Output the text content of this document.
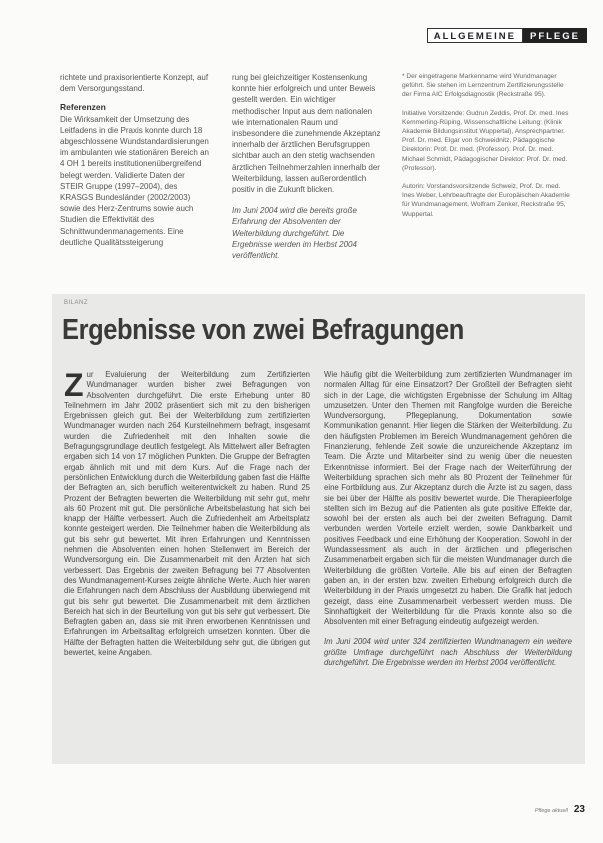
ALLGEMEINE	PFLEGE

richtete und praxisorientierte Konzept, auf dem Versorgungsstand.

Referenzen

Die Wirksamkeit der Umsetzung des Leitfadens in die Praxis konnte durch 18 abgeschlossene Wundstandardisierungen im ambulanten wie stationären Bereich an 4 OH 1 bereits institutionenübergreifend belegt werden. Validierte Daten der STEIR Gruppe (1997–2004), des KRASGS Bundesländer (2002/2003) sowie des Herz-Zentrums sowie auch Studien die Effektivität des Schnittwundenmanagements. Eine deutliche Qualitätssteigerung

rung bei gleichzeitiger Kostensenkung konnte hier erfolgreich und unter Beweis gestellt werden. Ein wichtiger methodischer Input aus dem nationalen wie internationalen Raum und insbesondere die zunehmende Akzeptanz innerhalb der ärztlichen Berufsgruppen sichtbar auch an den stetig wachsenden ärztlichen Teilnehmerzahlen innerhalb der Weiterbildung, lassen außerordentlich positiv in die Zukunft blicken.

Im Juni 2004 wird die bereits große Erfahrung der Absolventen der Weiterbildung durchgeführt. Die Ergebnisse werden im Herbst 2004 veröffentlicht.

* Der eingetragene Markenname wird Wundmanager geführt. Sie stehen im Lernzentrum Zertifizierungsstelle der Firma AIC Erfolgsdiagnostik (Reckstraße 95).

Initiative Vorsitzende: Gudrun Zeddis, Prof. Dr. med. Ines Kemmerling-Rüping, Wissenschaftliche Leitung: (Klinik Akademie Bildungsinstitut Wuppertal), Ansprechpartner. Prof. Dr. med. Elgar von Schweidnitz, Pädagogische Direktorin: Prof. Dr. med. (Professor). Prof. Dr. med. Michael Schmidt, Pädagogischer Direktor: Prof. Dr. med. (Professor).

Autorin: Vorstandsvorsitzende Schweiz, Prof. Dr. med. Ines Weber, Lehrbeauftragte der Europäischen Akademie für Wundmanagement, Wolfram Zenker, Reckstraße 95, Wuppertal.

BILANZ
Ergebnisse von zwei Befragungen
Z ur Evaluierung der Weiterbildung zum Zertifizierten Wundmanager wurden bisher zwei Befragungen von Absolventen durchgeführt. Die erste Erhebung unter 80 Teilnehmern im Jahr 2002 präsentiert sich mit zu den bisherigen Ergebnissen gleich gut. Bei der Weiterbildung zum zertifizierten Wundmanager wurden nach 264 Kursteilnehmern befragt, insgesamt wurden die Zufriedenheit mit den Inhalten sowie die Befragungsgrundlage deutlich festgelegt. Als Mittelwert aller Befragten ergaben sich 14 von 17 möglichen Punkten. Die Gruppe der Befragten ergab ähnlich mit und mit dem Kurs. Auf die Frage nach der persönlichen Entwicklung durch die Weiterbildung gaben fast die Hälfte der Befragten an, sich beruflich weiterentwickelt zu haben. Rund 25 Prozent der Befragten bewerten die Weiterbildung mit sehr gut, mehr als 60 Prozent mit gut. Die persönliche Arbeitsbelastung hat sich bei knapp der Hälfte verbessert. Auch die Zufriedenheit am Arbeitsplatz konnte gesteigert werden. Die Teilnehmer haben die Weiterbildung als gut bis sehr gut bewertet. Mit ihren Erfahrungen und Kenntnissen nehmen die Absolventen einen hohen Stellenwert im Bereich der Wundversorgung ein. Die Zusammenarbeit mit den Ärzten hat sich verbessert. Das Ergebnis der zweiten Befragung bei 77 Absolventen des Wundmanagement-Kurses zeigte ähnliche Werte. Auch hier waren die Erfahrungen nach dem Abschluss der Ausbildung überwiegend mit gut bis sehr gut bewertet. Die Zusammenarbeit mit dem ärztlichen Bereich hat sich in der Beurteilung von gut bis sehr gut verbessert. Die Befragten gaben an, dass sie mit ihren erworbenen Kenntnissen und Erfahrungen im Arbeitsalltag erfolgreich umsetzen konnten. Über die Hälfte der Befragten hatten die Weiterbildung sehr gut, die übrigen gut bewertet, keine Angaben.

Wie häufig gibt die Weiterbildung zum zertifizierten Wundmanager im normalen Alltag für eine Einsatzort? Der Großteil der Befragten sieht sich in der Lage, die wichtigsten Ergebnisse der Schulung im Alltag umzusetzen. Unter den Themen mit Rangfolge wurden die Bereiche Wundversorgung, Pflegeplanung, Dokumentation sowie Kommunikation genannt. Hier liegen die Stärken der Weiterbildung. Zu den häufigsten Problemen im Bereich Wundmanagement gehören die Finanzierung, fehlende Zeit sowie die unzureichende Akzeptanz im Team. Die Ärzte und Mitarbeiter sind zu wenig über die neuesten Erkenntnisse informiert. Bei der Frage nach der Weiterführung der Weiterbildung sprachen sich mehr als 80 Prozent der Teilnehmer für eine Fortbildung aus. Zur Akzeptanz durch die Ärzte ist zu sagen, dass sie bei über der Hälfte als positiv bewertet wurde. Die Therapieerfolge stellten sich im Bezug auf die Patienten als gute positive Effekte dar, sowohl bei der ersten als auch bei der zweiten Befragung. Damit verbunden werden Vorteile erzielt werden, sowie Dankbarkeit und positives Feedback und eine Erhöhung der Kooperation. Sowohl in der Wundassessment als auch in der ärztlichen und pflegerischen Zusammenarbeit ergaben sich für die meisten Wundmanager durch die Weiterbildung die größten Vorteile. Alle bis auf einen der Befragten gaben an, in der ersten bzw. zweiten Erhebung erfolgreich durch die Weiterbildung in der Praxis umgesetzt zu haben. Die Grafik hat jedoch gezeigt, dass eine Zusammenarbeit verbessert werden muss. Die Sinnhaftigkeit der Weiterbildung für die Praxis konnte also so die Absolventen mit einer Befragung eindeutig aufgezeigt werden.

Im Juni 2004 wird unter 324 zertifizierten Wundmanagern ein weitere größte Umfrage durchgeführt nach Abschluss der Weiterbildung durchgeführt. Die Ergebnisse werden im Herbst 2004 veröffentlicht.

Pflege aktuell 23
